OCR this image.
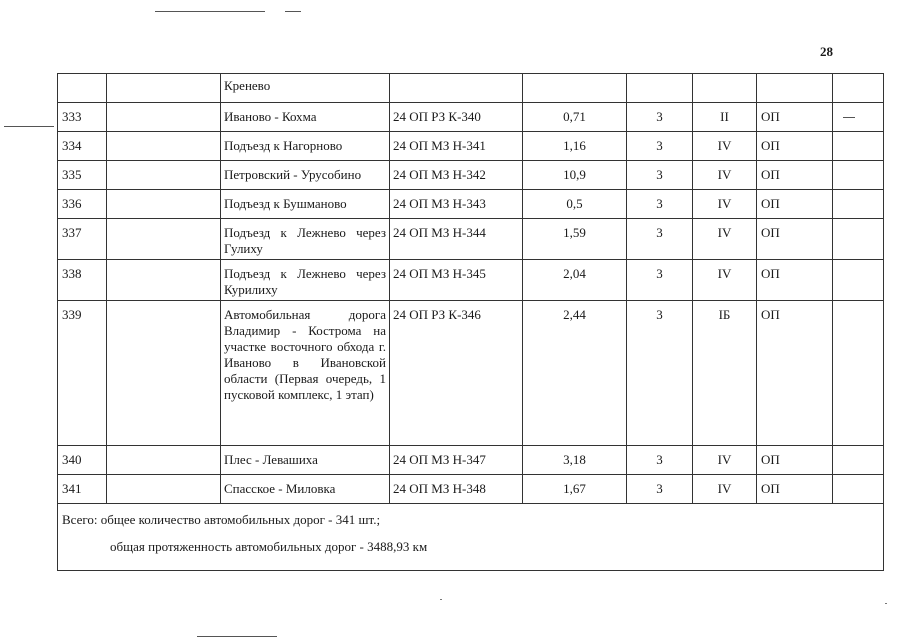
28
			Кренево						
333			Иваново - Кохма	24 ОП РЗ К-340	0,71	3	II	ОП	
334			Подъезд к Нагорново	24 ОП МЗ Н-341	1,16	3	IV	ОП	
335			Петровский - Урусобино	24 ОП МЗ Н-342	10,9	3	IV	ОП	
336			Подъезд к Бушманово	24 ОП МЗ Н-343	0,5	3	IV	ОП	
337			Подъезд к Лежнево через Гулиху	24 ОП МЗ Н-344	1,59	3	IV	ОП	
338			Подъезд к Лежнево через Курилиху	24 ОП МЗ Н-345	2,04	3	IV	ОП	
339			Автомобильная дорога Владимир - Кострома на участке восточного обхода г. Иваново в Ивановской области (Первая очередь, 1 пусковой комплекс, 1 этап)	24 ОП РЗ К-346	2,44	3	IБ	ОП	
340			Плес - Левашиха	24 ОП МЗ Н-347	3,18	3	IV	ОП	
341			Спасское - Миловка	24 ОП МЗ Н-348	1,67	3	IV	ОП	

Всего: общее количество автомобильных дорог - 341 шт.;
общая протяженность автомобильных дорог - 3488,93 км									
